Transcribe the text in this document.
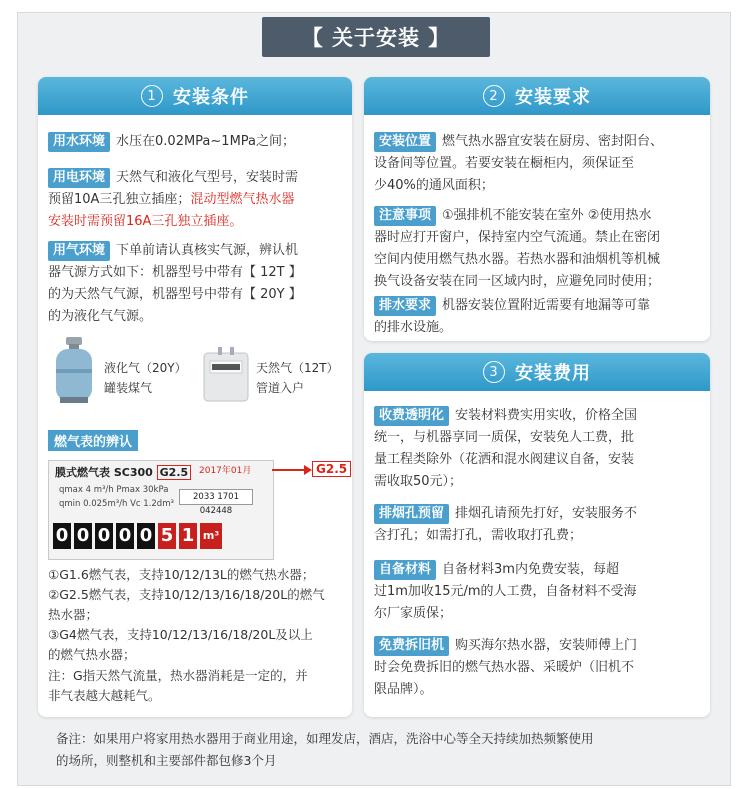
【 关于安装 】
1 安装条件
用水环境 水压在0.02MPa~1MPa之间；
用电环境 天然气和液化气型号，安装时需
预留10A三孔独立插座；混动型燃气热水器
安装时需预留16A三孔独立插座。
用气环境 下单前请认真核实气源，辨认机
器气源方式如下：机器型号中带有【 12T 】
的为天然气气源，机器型号中带有【 20Y 】
的为液化气气源。
液化气（20Y）
罐装煤气
天然气（12T）
管道入户
燃气表的辨认
膜式燃气表 SC300 G2.5	2017年01月
qmax 4 m³/h Pmax 30kPa
qmin 0.025m³/h Vc 1.2dm³
2033 1701 042448
0 0 0 0 0 5 1 m³
G2.5
①G1.6燃气表，支持10/12/13L的燃气热水器；
②G2.5燃气表，支持10/12/13/16/18/20L的燃气
热水器；
③G4燃气表，支持10/12/13/16/18/20L及以上
的燃气热水器；
注：G指天然气流量，热水器消耗是一定的，并
非气表越大越耗气。
2 安装要求
安装位置 燃气热水器宜安装在厨房、密封阳台、
设备间等位置。若要安装在橱柜内，须保证至
少40%的通风面积；
注意事项 ①强排机不能安装在室外 ②使用热水
器时应打开窗户，保持室内空气流通。禁止在密闭
空间内使用燃气热水器。若热水器和油烟机等机械
换气设备安装在同一区域内时，应避免同时使用；
排水要求 机器安装位置附近需要有地漏等可靠
的排水设施。
3 安装费用
收费透明化 安装材料费实用实收，价格全国
统一，与机器享同一质保，安装免人工费，批
量工程类除外（花洒和混水阀建议自备，安装
需收取50元）；
排烟孔预留 排烟孔请预先打好，安装服务不
含打孔；如需打孔，需收取打孔费；
自备材料 自备材料3m内免费安装，每超
过1m加收15元/m的人工费，自备材料不受海
尔厂家质保；
免费拆旧机 购买海尔热水器，安装师傅上门
时会免费拆旧的燃气热水器、采暖炉（旧机不
限品牌）。
备注：如果用户将家用热水器用于商业用途，如理发店，酒店，洗浴中心等全天持续加热频繁使用
的场所，则整机和主要部件都包修3个月
